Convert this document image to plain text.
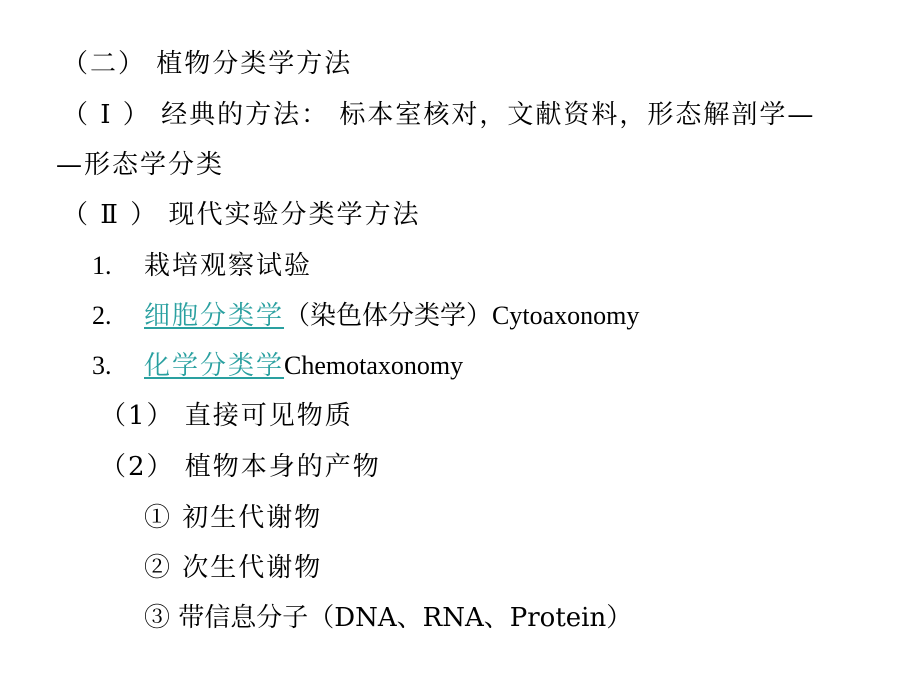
（二） 植物分类学方法
（ Ⅰ ） 经典的方法： 标本室核对，文献资料，形态解剖学—
—形态学分类
（ Ⅱ ） 现代实验分类学方法
1. 栽培观察试验
2. 细胞分类学（染色体分类学）Cytoaxonomy
3. 化学分类学Chemotaxonomy
（1） 直接可见物质
（2） 植物本身的产物
① 初生代谢物
② 次生代谢物
③ 带信息分子（DNA、RNA、Protein）
